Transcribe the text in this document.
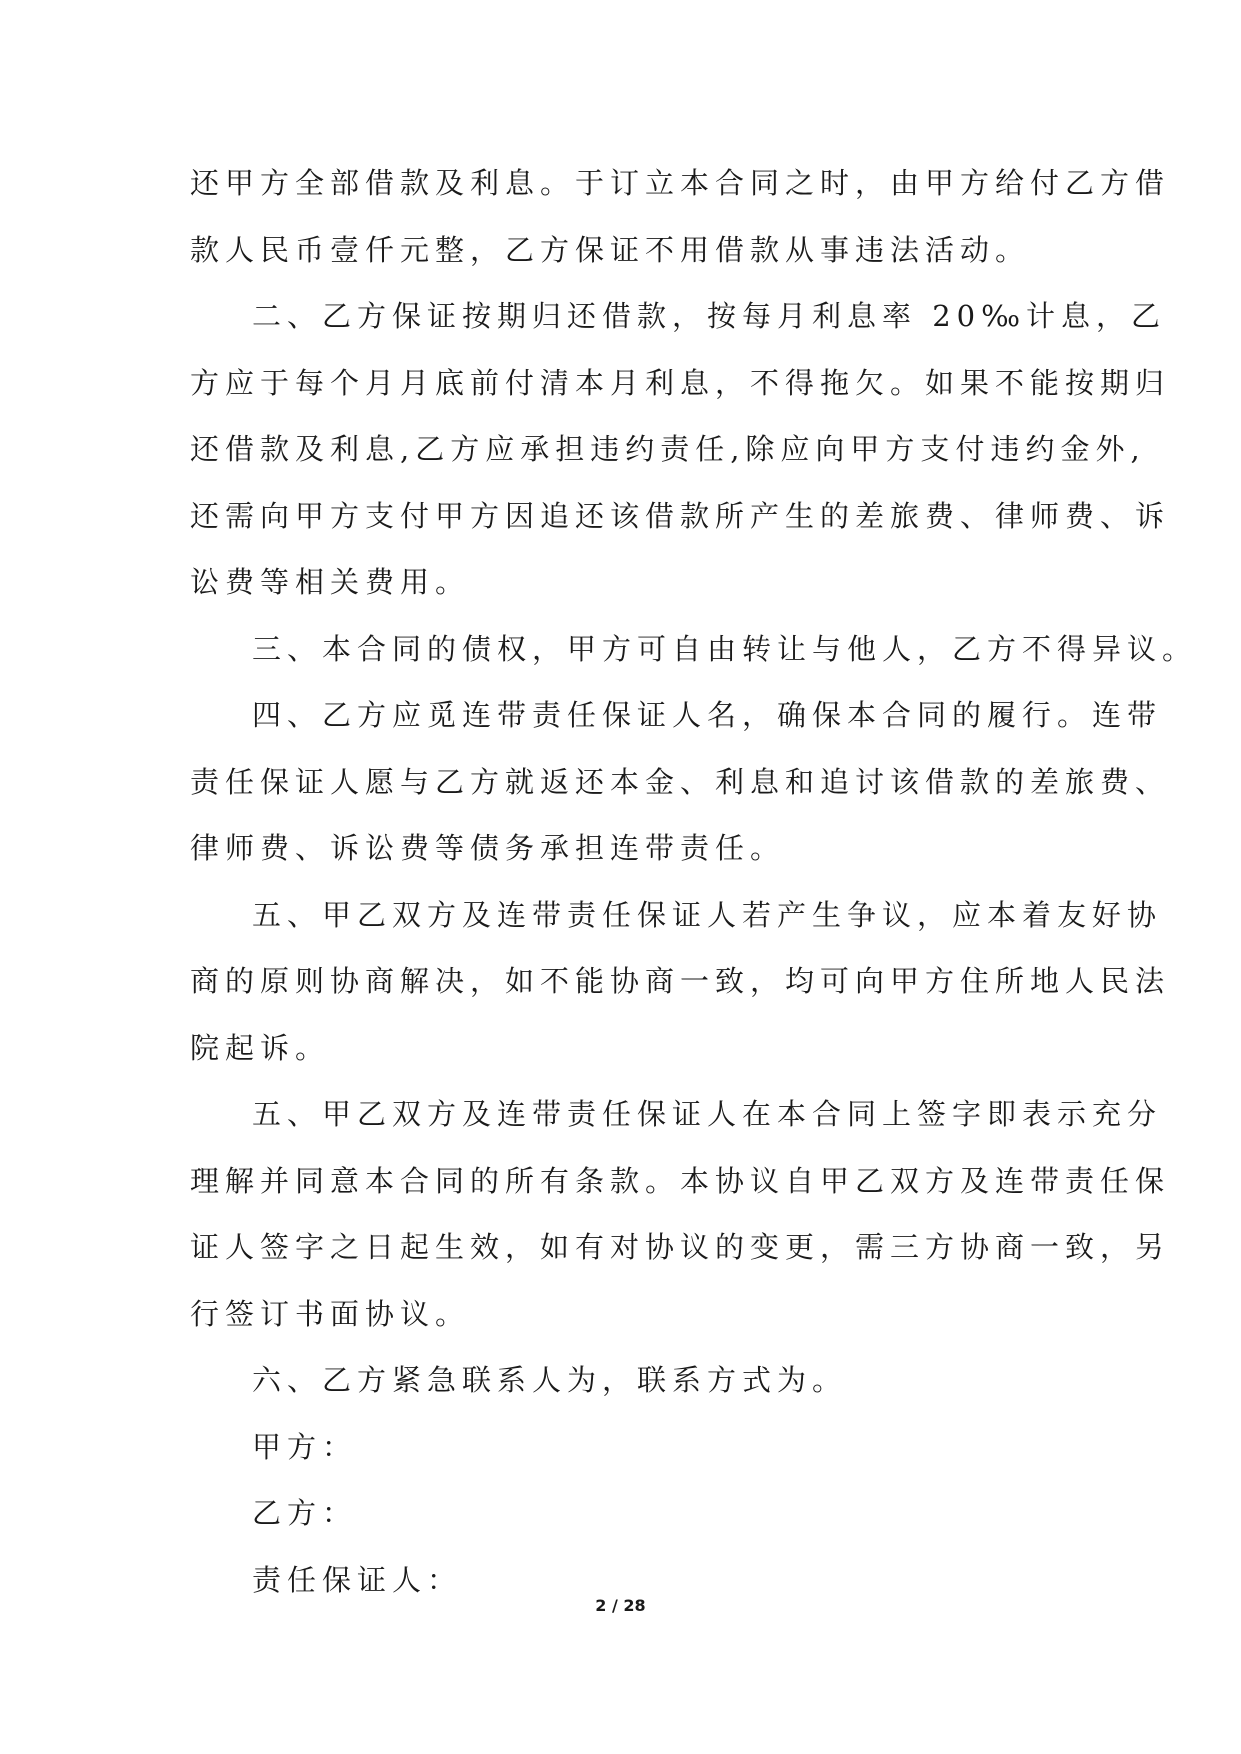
还甲方全部借款及利息。于订立本合同之时，由甲方给付乙方借
款人民币壹仟元整，乙方保证不用借款从事违法活动。
二、乙方保证按期归还借款，按每月利息率 20‰计息，乙
方应于每个月月底前付清本月利息，不得拖欠。如果不能按期归
还借款及利息,乙方应承担违约责任,除应向甲方支付违约金外,
还需向甲方支付甲方因追还该借款所产生的差旅费、律师费、诉
讼费等相关费用。
三、本合同的债权，甲方可自由转让与他人，乙方不得异议。
四、乙方应觅连带责任保证人名，确保本合同的履行。连带
责任保证人愿与乙方就返还本金、利息和追讨该借款的差旅费、
律师费、诉讼费等债务承担连带责任。
五、甲乙双方及连带责任保证人若产生争议，应本着友好协
商的原则协商解决，如不能协商一致，均可向甲方住所地人民法
院起诉。
五、甲乙双方及连带责任保证人在本合同上签字即表示充分
理解并同意本合同的所有条款。本协议自甲乙双方及连带责任保
证人签字之日起生效，如有对协议的变更，需三方协商一致，另
行签订书面协议。
六、乙方紧急联系人为，联系方式为。
甲方：
乙方：
责任保证人：
2 / 28
